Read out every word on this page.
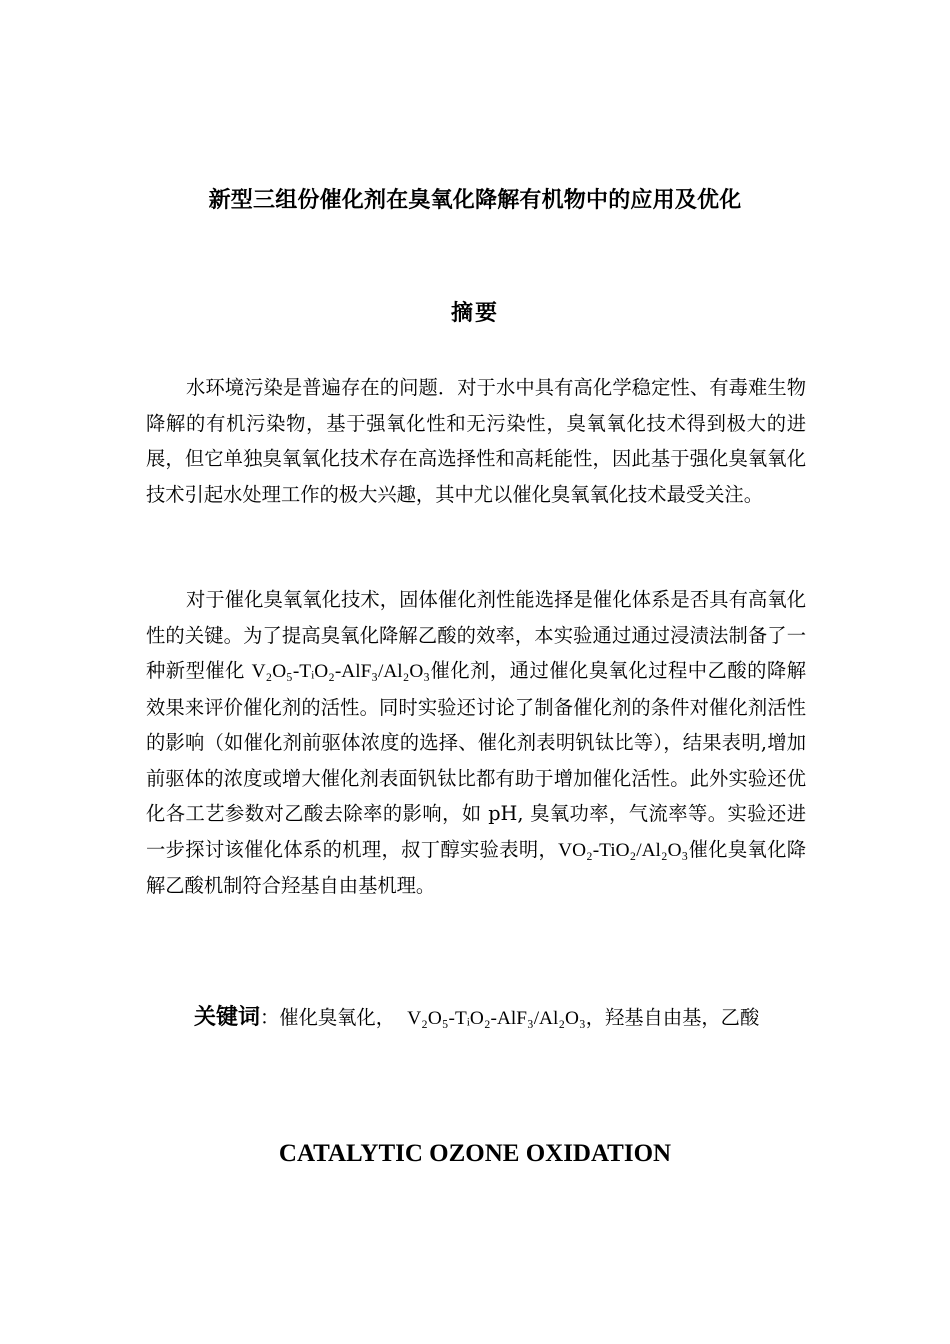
新型三组份催化剂在臭氧化降解有机物中的应用及优化
摘要
水环境污染是普遍存在的问题．对于水中具有高化学稳定性、有毒难生物降解的有机污染物，基于强氧化性和无污染性，臭氧氧化技术得到极大的进展，但它单独臭氧氧化技术存在高选择性和高耗能性，因此基于强化臭氧氧化技术引起水处理工作的极大兴趣，其中尤以催化臭氧氧化技术最受关注。
对于催化臭氧氧化技术，固体催化剂性能选择是催化体系是否具有高氧化性的关键。为了提高臭氧化降解乙酸的效率，本实验通过通过浸渍法制备了一种新型催化 V₂O₅-TᵢO₂-AlF₃/Al₂O₃催化剂，通过催化臭氧化过程中乙酸的降解效果来评价催化剂的活性。同时实验还讨论了制备催化剂的条件对催化剂活性的影响（如催化剂前驱体浓度的选择、催化剂表明钒钛比等），结果表明,增加前驱体的浓度或增大催化剂表面钒钛比都有助于增加催化活性。此外实验还优化各工艺参数对乙酸去除率的影响，如 pH, 臭氧功率，气流率等。实验还进一步探讨该催化体系的机理，叔丁醇实验表明，VO₂-TiO₂/Al₂O₃催化臭氧化降解乙酸机制符合羟基自由基机理。
关键词：催化臭氧化， V₂O₅-TᵢO₂-AlF₃/Al₂O₃，羟基自由基，乙酸
CATALYTIC OZONE OXIDATION
